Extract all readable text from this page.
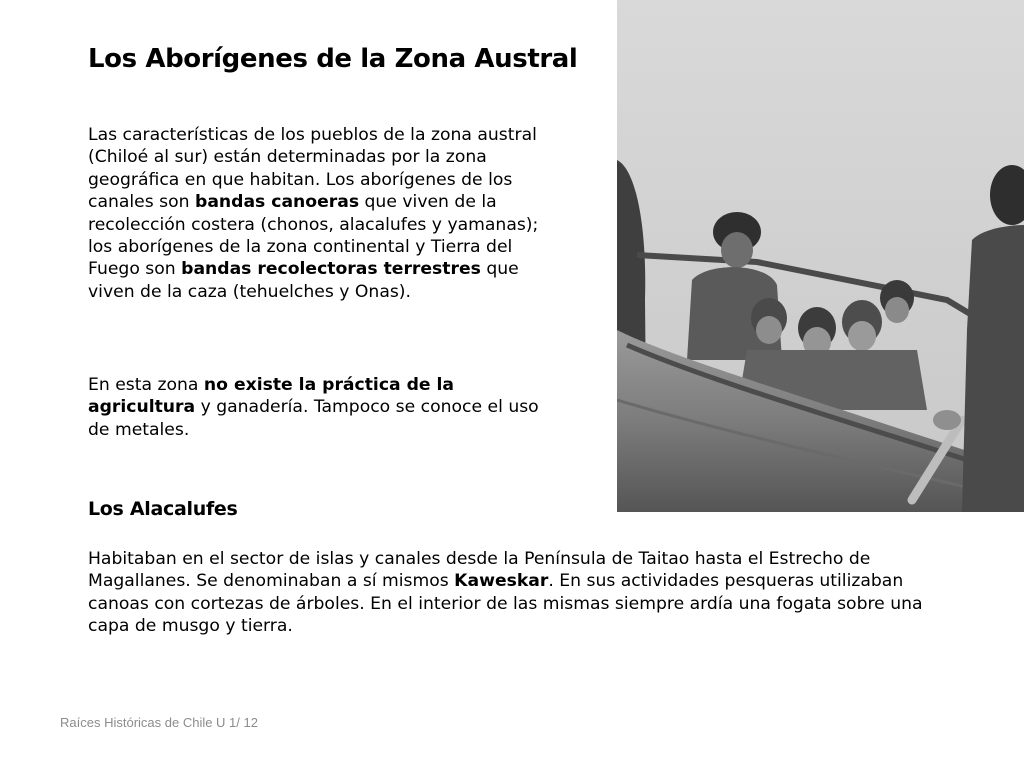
Los Aborígenes de la Zona Austral

Las características de los pueblos de la zona austral (Chiloé al sur) están determinadas por la zona geográfica en que habitan. Los aborígenes de los canales son bandas canoeras que viven de la recolección costera (chonos, alacalufes y yamanas); los aborígenes de la zona continental y Tierra del Fuego son bandas recolectoras terrestres que viven de la caza (tehuelches y Onas).

En esta zona no existe la práctica de la agricultura y ganadería. Tampoco se conoce el uso de metales.

Los Alacalufes

Habitaban en el sector de islas y canales desde la Península de Taitao hasta el Estrecho de Magallanes. Se denominaban a sí mismos Kaweskar. En sus actividades pesqueras utilizaban canoas con cortezas de árboles. En el interior de las mismas siempre ardía una fogata sobre una capa de musgo y tierra.

Raíces Históricas de Chile U 1/ 12
